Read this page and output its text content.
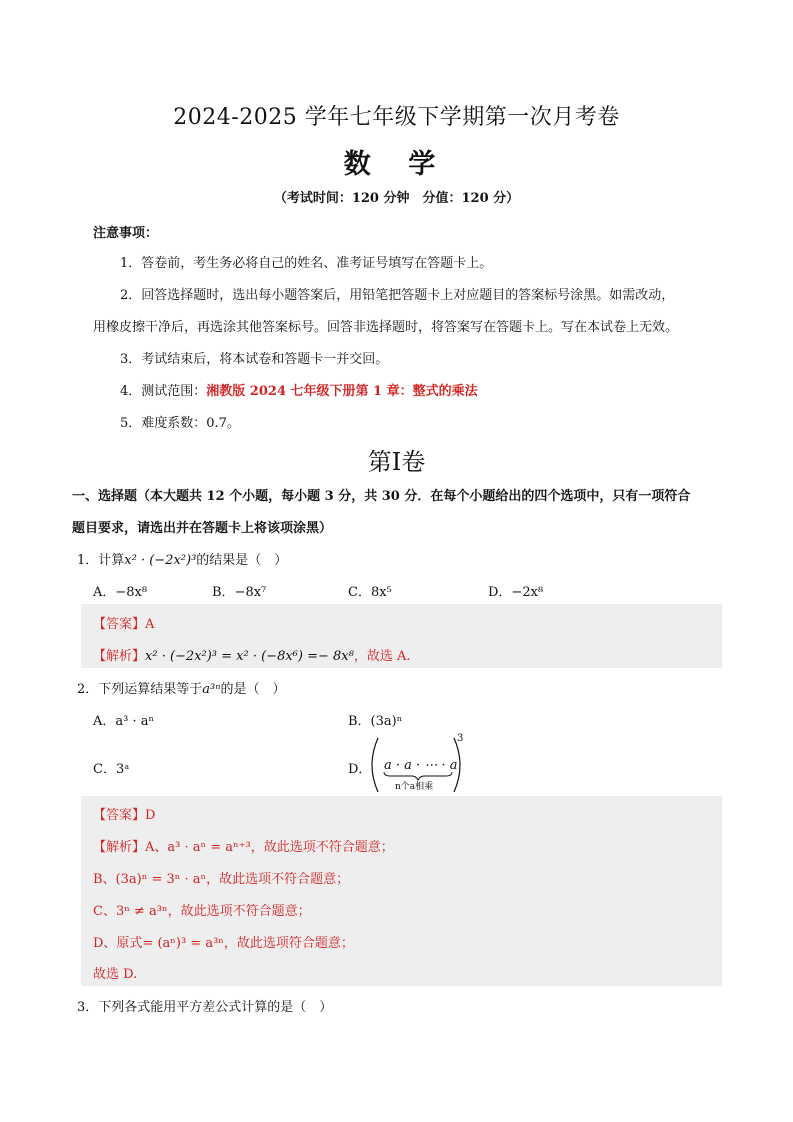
2024-2025 学年七年级下学期第一次月考卷
数 学
（考试时间：120 分钟　分值：120 分）
注意事项：
1．答卷前，考生务必将自己的姓名、准考证号填写在答题卡上。
2．回答选择题时，选出每小题答案后，用铅笔把答题卡上对应题目的答案标号涂黑。如需改动，
用橡皮擦干净后，再选涂其他答案标号。回答非选择题时，将答案写在答题卡上。写在本试卷上无效。
3．考试结束后，将本试卷和答题卡一并交回。
4．测试范围：湘教版 2024 七年级下册第 1 章：整式的乘法
5．难度系数：0.7。
第Ⅰ卷
一、选择题（本大题共 12 个小题，每小题 3 分，共 30 分．在每个小题给出的四个选项中，只有一项符合
题目要求，请选出并在答题卡上将该项涂黑）
1．计算x² · (−2x²)³的结果是（　）
A．−8x⁸	B．−8x⁷	C．8x⁵	D．−2x⁸
【答案】A
【解析】x² · (−2x²)³ = x² · (−8x⁶) =− 8x⁸，故选 A.
2．下列运算结果等于a³ⁿ的是（　）
A．a³ · aⁿ	B．(3a)ⁿ
C．3ᵃ	D． a · a · ⋯ · a
n个a相乘
3
【答案】D
【解析】A、a³ · aⁿ = aⁿ⁺³，故此选项不符合题意；
B、(3a)ⁿ = 3ⁿ · aⁿ，故此选项不符合题意；
C、3ⁿ ≠ a³ⁿ，故此选项不符合题意；
D、原式= (aⁿ)³ = a³ⁿ，故此选项符合题意；
故选 D.
3．下列各式能用平方差公式计算的是（　）
